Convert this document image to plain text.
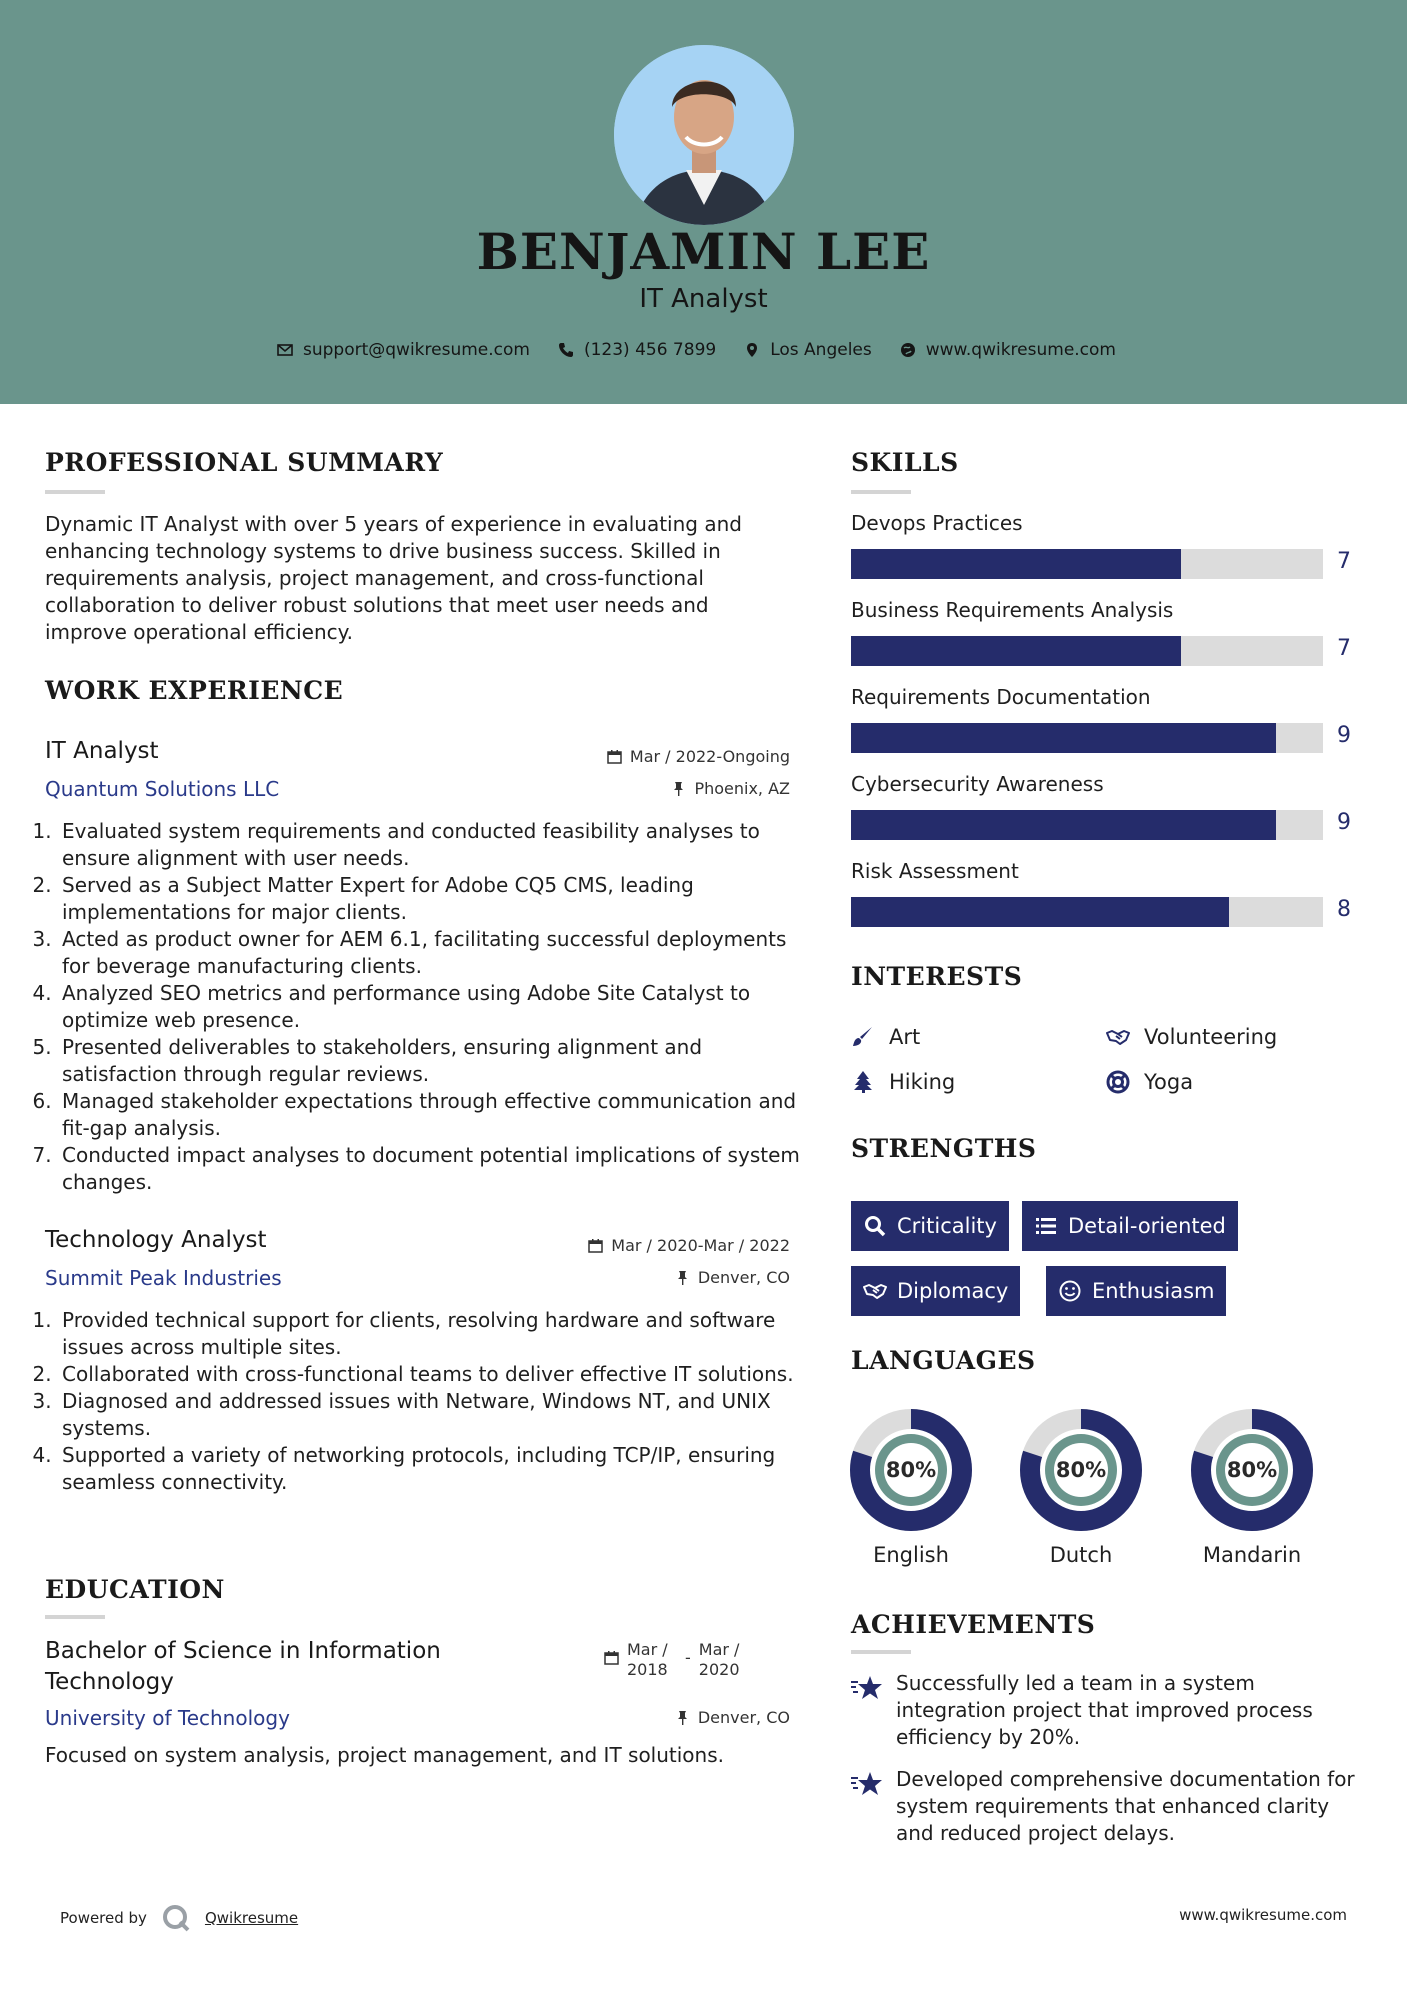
BENJAMIN LEE
IT Analyst
support@qwikresume.com	(123) 456 7899	Los Angeles	www.qwikresume.com
PROFESSIONAL SUMMARY
Dynamic IT Analyst with over 5 years of experience in evaluating and enhancing technology systems to drive business success. Skilled in requirements analysis, project management, and cross-functional collaboration to deliver robust solutions that meet user needs and improve operational efficiency.
WORK EXPERIENCE
IT Analyst	Mar / 2022-Ongoing
Quantum Solutions LLC	Phoenix, AZ
1. Evaluated system requirements and conducted feasibility analyses to ensure alignment with user needs.
2. Served as a Subject Matter Expert for Adobe CQ5 CMS, leading implementations for major clients.
3. Acted as product owner for AEM 6.1, facilitating successful deployments for beverage manufacturing clients.
4. Analyzed SEO metrics and performance using Adobe Site Catalyst to optimize web presence.
5. Presented deliverables to stakeholders, ensuring alignment and satisfaction through regular reviews.
6. Managed stakeholder expectations through effective communication and fit-gap analysis.
7. Conducted impact analyses to document potential implications of system changes.
Technology Analyst	Mar / 2020-Mar / 2022
Summit Peak Industries	Denver, CO
1. Provided technical support for clients, resolving hardware and software issues across multiple sites.
2. Collaborated with cross-functional teams to deliver effective IT solutions.
3. Diagnosed and addressed issues with Netware, Windows NT, and UNIX systems.
4. Supported a variety of networking protocols, including TCP/IP, ensuring seamless connectivity.
EDUCATION
Bachelor of Science in Information Technology
Mar / 2018
- Mar / 2020
University of Technology	Denver, CO
Focused on system analysis, project management, and IT solutions.
SKILLS
Devops Practices
7
Business Requirements Analysis
7
Requirements Documentation
9
Cybersecurity Awareness
9
Risk Assessment
8
INTERESTS
Art	Volunteering
Hiking	Yoga
STRENGTHS
Criticality	Detail-oriented
Diplomacy	Enthusiasm
LANGUAGES
80%
English
80%
Dutch
80%
Mandarin
ACHIEVEMENTS
Successfully led a team in a system integration project that improved process efficiency by 20%.
Developed comprehensive documentation for system requirements that enhanced clarity and reduced project delays.
Powered by	Qwikresume	www.qwikresume.com
